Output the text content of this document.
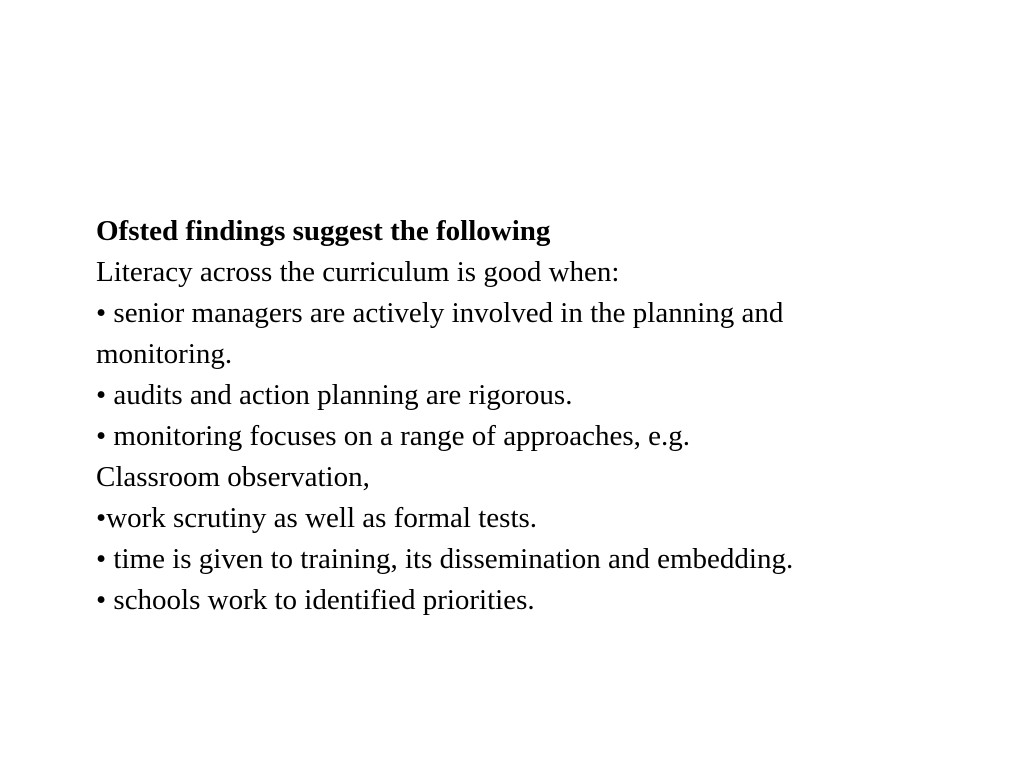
Ofsted findings suggest the following
Literacy across the curriculum is good when:
• senior managers are actively involved in the planning and
monitoring.
• audits and action planning are rigorous.
• monitoring focuses on a range of approaches, e.g.
Classroom observation,
•work scrutiny as well as formal tests.
• time is given to training, its dissemination and embedding.
• schools work to identified priorities.
